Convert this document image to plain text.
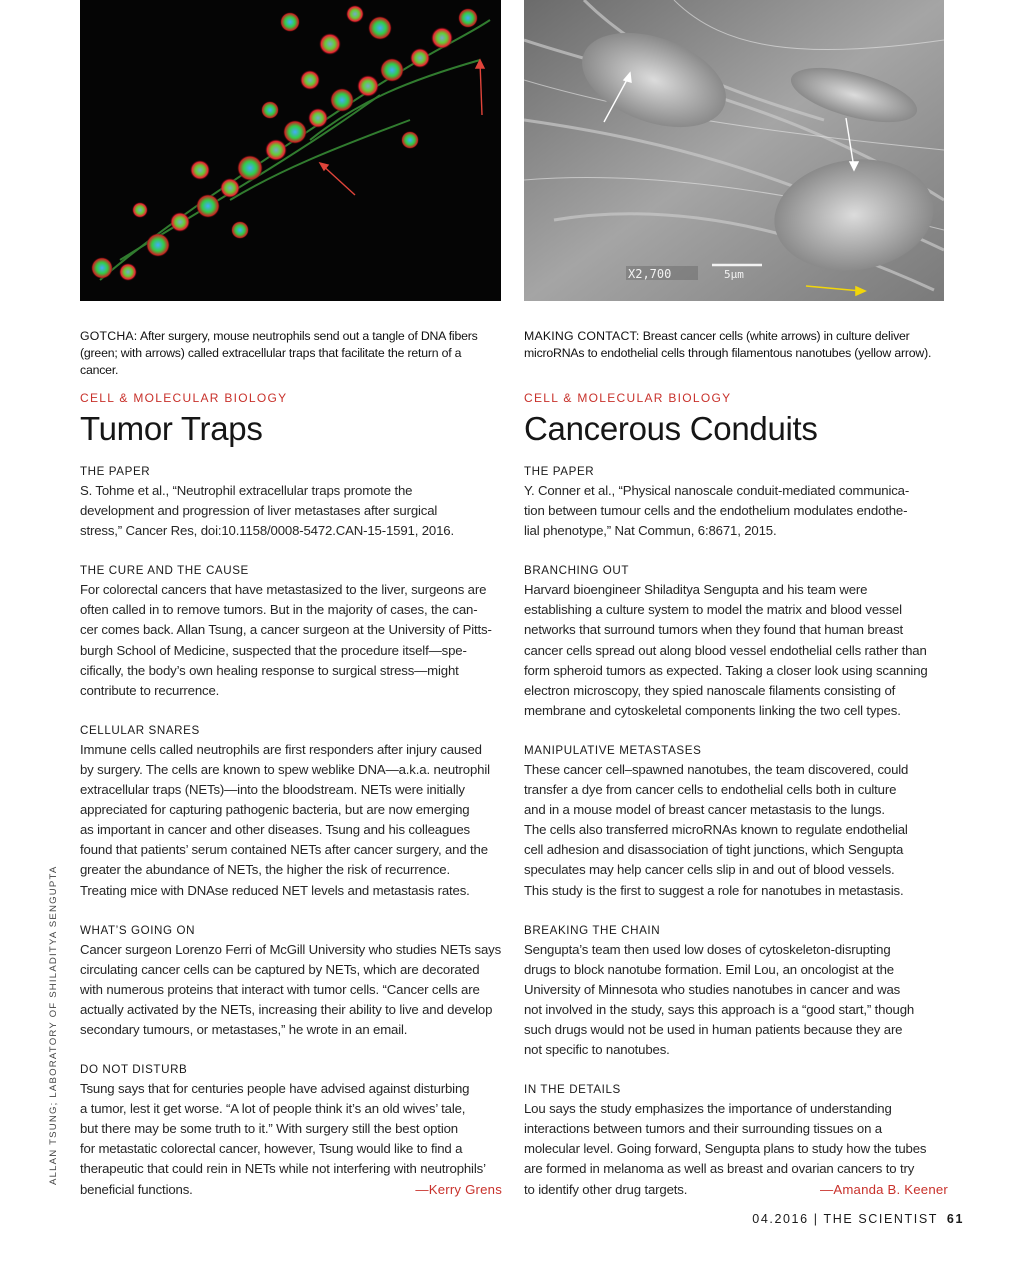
X2,700	5µm

GOTCHA: After surgery, mouse neutrophils send out a tangle of DNA fibers (green; with arrows) called extracellular traps that facilitate the return of a cancer.

CELL & MOLECULAR BIOLOGY
Tumor Traps
THE PAPER
S. Tohme et al., “Neutrophil extracellular traps promote the
development and progression of liver metastases after surgical
stress,” Cancer Res, doi:10.1158/0008-5472.CAN-15-1591, 2016.
THE CURE AND THE CAUSE
For colorectal cancers that have metastasized to the liver, surgeons are
often called in to remove tumors. But in the majority of cases, the can-
cer comes back. Allan Tsung, a cancer surgeon at the University of Pitts-
burgh School of Medicine, suspected that the procedure itself—spe-
cifically, the body’s own healing response to surgical stress—might
contribute to recurrence.
CELLULAR SNARES
Immune cells called neutrophils are first responders after injury caused
by surgery. The cells are known to spew weblike DNA—a.k.a. neutrophil
extracellular traps (NETs)—into the bloodstream. NETs were initially
appreciated for capturing pathogenic bacteria, but are now emerging
as important in cancer and other diseases. Tsung and his colleagues
found that patients’ serum contained NETs after cancer surgery, and the
greater the abundance of NETs, the higher the risk of recurrence.
Treating mice with DNAse reduced NET levels and metastasis rates.
WHAT’S GOING ON
Cancer surgeon Lorenzo Ferri of McGill University who studies NETs says
circulating cancer cells can be captured by NETs, which are decorated
with numerous proteins that interact with tumor cells. “Cancer cells are
actually activated by the NETs, increasing their ability to live and develop
secondary tumours, or metastases,” he wrote in an email.
DO NOT DISTURB
Tsung says that for centuries people have advised against disturbing
a tumor, lest it get worse. “A lot of people think it’s an old wives’ tale,
but there may be some truth to it.” With surgery still the best option
for metastatic colorectal cancer, however, Tsung would like to find a
therapeutic that could rein in NETs while not interfering with neutrophils’
beneficial functions.	—Kerry Grens

MAKING CONTACT: Breast cancer cells (white arrows) in culture deliver microRNAs to endothelial cells through filamentous nanotubes (yellow arrow).

CELL & MOLECULAR BIOLOGY
Cancerous Conduits
THE PAPER
Y. Conner et al., “Physical nanoscale conduit-mediated communica-
tion between tumour cells and the endothelium modulates endothe-
lial phenotype,” Nat Commun, 6:8671, 2015.
BRANCHING OUT
Harvard bioengineer Shiladitya Sengupta and his team were
establishing a culture system to model the matrix and blood vessel
networks that surround tumors when they found that human breast
cancer cells spread out along blood vessel endothelial cells rather than
form spheroid tumors as expected. Taking a closer look using scanning
electron microscopy, they spied nanoscale filaments consisting of
membrane and cytoskeletal components linking the two cell types.
MANIPULATIVE METASTASES
These cancer cell–spawned nanotubes, the team discovered, could
transfer a dye from cancer cells to endothelial cells both in culture
and in a mouse model of breast cancer metastasis to the lungs.
The cells also transferred microRNAs known to regulate endothelial
cell adhesion and disassociation of tight junctions, which Sengupta
speculates may help cancer cells slip in and out of blood vessels.
This study is the first to suggest a role for nanotubes in metastasis.
BREAKING THE CHAIN
Sengupta’s team then used low doses of cytoskeleton-disrupting
drugs to block nanotube formation. Emil Lou, an oncologist at the
University of Minnesota who studies nanotubes in cancer and was
not involved in the study, says this approach is a “good start,” though
such drugs would not be used in human patients because they are
not specific to nanotubes.
IN THE DETAILS
Lou says the study emphasizes the importance of understanding
interactions between tumors and their surrounding tissues on a
molecular level. Going forward, Sengupta plans to study how the tubes
are formed in melanoma as well as breast and ovarian cancers to try
to identify other drug targets.	—Amanda B. Keener
ALLAN TSUNG; LABORATORY OF SHILADITYA SENGUPTA
04.2016 | THE SCIENTIST 61
